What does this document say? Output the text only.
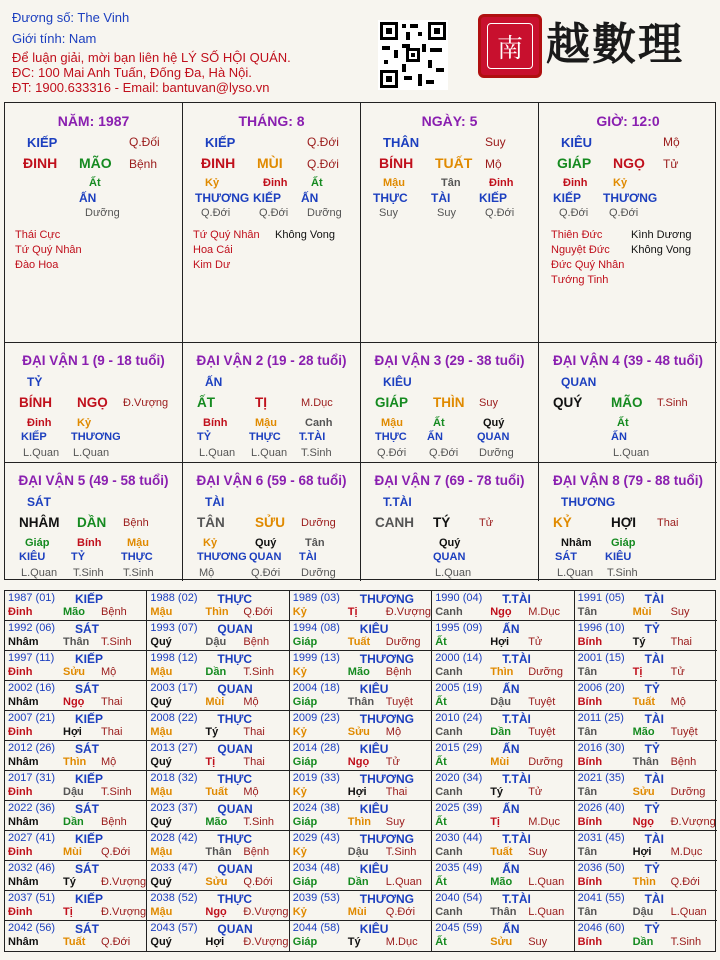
Đương số: The Vinh
Giới tính: Nam
Để luận giải, mời bạn liên hệ LÝ SỐ HỘI QUÁN.
ĐC: 100 Mai Anh Tuấn, Đống Đa, Hà Nội.
ĐT: 1900.633316 - Email: bantuvan@lyso.vn
南 越數理
NĂM: 1987
KIẾP	Q.Đối
ĐINH MÃO Bệnh
Ất
ẤN
Dưỡng
Thái Cực
Tứ Quý Nhân
Đào Hoa
THÁNG: 8
KIẾP	Q.Đới
ĐINH MÙI Q.Đới
Kỷ
THƯƠNG
Q.Đới
Đinh
KIẾP
Q.Đới
Ất
ẤN
Dưỡng
Tứ Quý Nhân
Hoa Cái
Kim Dư
Không Vong
NGÀY: 5
THÂN	Suy
BÍNH TUẤT Mộ
Mậu
THỰC
Suy
Tân
TÀI
Suy
Đinh
KIẾP
Q.Đới
GIỜ: 12:0
KIÊU	Mộ
GIÁP NGỌ Tử
Đinh
KIẾP
Q.Đới
Kỷ
THƯƠNG
Q.Đới
Thiên Đức
Nguyệt Đức
Đức Quý Nhân
Tướng Tinh
Kình Dương
Không Vong
ĐẠI VẬN 1 (9 - 18 tuổi)
TỶ
BÍNH NGỌ Đ.Vượng
Đinh
KIẾP
L.Quan
Kỷ
THƯƠNG
L.Quan
ĐẠI VẬN 2 (19 - 28 tuổi)
ẤN
ẤT	TỊ	M.Dục
Bính
TỶ
L.Quan
Mậu
THỰC
L.Quan
Canh
T.TÀI
T.Sinh
ĐẠI VẬN 3 (29 - 38 tuổi)
KIÊU
GIÁP THÌN Suy
Mậu
THỰC
Q.Đới
Ất
ẤN
Q.Đới
Quý
QUAN
Dưỡng
ĐẠI VẬN 4 (39 - 48 tuổi)
QUAN
QUÝ MÃO T.Sinh
Ất
ẤN
L.Quan
ĐẠI VẬN 5 (49 - 58 tuổi)
SÁT
NHÂM DẦN Bệnh
Giáp
KIÊU
L.Quan
Bính
TỶ
T.Sinh
Mậu
THỰC
T.Sinh
ĐẠI VẬN 6 (59 - 68 tuổi)
TÀI
TÂN SỬU Dưỡng
Kỷ
THƯƠNG
Mộ
Quý
QUAN
Q.Đới
Tân
TÀI
Dưỡng
ĐẠI VẬN 7 (69 - 78 tuổi)
T.TÀI
CANH TÝ	Tử
Quý
QUAN
L.Quan
ĐẠI VẬN 8 (79 - 88 tuổi)
THƯƠNG
KỶ	HỢI Thai
Nhâm
SÁT
L.Quan
Giáp
KIÊU
T.Sinh
1987 (01) KIẾP
Đinh	Mão Bệnh
1988 (02) THỰC
Mậu	Thìn Q.Đới
1989 (03) THƯƠNG
Kỷ	Tị	Đ.Vượng
1990 (04) T.TÀI
Canh	Ngọ M.Dục
1991 (05) TÀI
Tân	Mùi Suy
1992 (06) SÁT
Nhâm Thân T.Sinh
1993 (07) QUAN
Quý	Dậu Bệnh
1994 (08) KIÊU
Giáp	Tuất Dưỡng
1995 (09) ẤN
Ất	Hợi Tử
1996 (10) TỶ
Bính	Tý Thai
1997 (11) KIẾP
Đinh	Sửu Mộ
1998 (12) THỰC
Mậu	Dần T.Sinh
1999 (13) THƯƠNG
Kỷ	Mão Bệnh
2000 (14) T.TÀI
Canh	Thìn Dưỡng
2001 (15) TÀI
Tân	Tị	Tử
2002 (16) SÁT
Nhâm Ngọ Thai
2003 (17) QUAN
Quý	Mùi Mộ
2004 (18) KIÊU
Giáp	Thân Tuyệt
2005 (19) ẤN
Ất	Dậu Tuyệt
2006 (20) TỶ
Bính	Tuất Mộ
2007 (21) KIẾP
Đinh	Hợi Thai
2008 (22) THỰC
Mậu	Tý Thai
2009 (23) THƯƠNG
Kỷ	Sửu Mộ
2010 (24) T.TÀI
Canh	Dần Tuyệt
2011 (25) TÀI
Tân	Mão Tuyệt
2012 (26) SÁT
Nhâm Thìn Mộ
2013 (27) QUAN
Quý	Tị	Thai
2014 (28) KIÊU
Giáp	Ngọ Tử
2015 (29) ẤN
Ất	Mùi Dưỡng
2016 (30) TỶ
Bính	Thân Bệnh
2017 (31) KIẾP
Đinh	Dậu T.Sinh
2018 (32) THỰC
Mậu	Tuất Mộ
2019 (33) THƯƠNG
Kỷ	Hợi Thai
2020 (34) T.TÀI
Canh	Tý Tử
2021 (35) TÀI
Tân	Sửu Dưỡng
2022 (36) SÁT
Nhâm Dần Bệnh
2023 (37) QUAN
Quý	Mão T.Sinh
2024 (38) KIÊU
Giáp	Thìn Suy
2025 (39) ẤN
Ất	Tị	M.Dục
2026 (40) TỶ
Bính	Ngọ Đ.Vượng
2027 (41) KIẾP
Đinh	Mùi Q.Đới
2028 (42) THỰC
Mậu	Thân Bệnh
2029 (43) THƯƠNG
Kỷ	Dậu T.Sinh
2030 (44) T.TÀI
Canh	Tuất Suy
2031 (45) TÀI
Tân	Hợi M.Dục
2032 (46) SÁT
Nhâm Tý Đ.Vượng
2033 (47) QUAN
Quý	Sửu Q.Đới
2034 (48) KIÊU
Giáp	Dần L.Quan
2035 (49) ẤN
Ất	Mão L.Quan
2036 (50) TỶ
Bính	Thìn Q.Đới
2037 (51) KIẾP
Đinh	Tị	Đ.Vượng
2038 (52) THỰC
Mậu	Ngọ Đ.Vượng
2039 (53) THƯƠNG
Kỷ	Mùi Q.Đới
2040 (54) T.TÀI
Canh	Thân L.Quan
2041 (55) TÀI
Tân	Dậu L.Quan
2042 (56) SÁT
Nhâm Tuất Q.Đới
2043 (57) QUAN
Quý	Hợi Đ.Vượng
2044 (58) KIÊU
Giáp	Tý M.Dục
2045 (59) ẤN
Ất	Sửu Suy
2046 (60) TỶ
Bính	Dần T.Sinh
